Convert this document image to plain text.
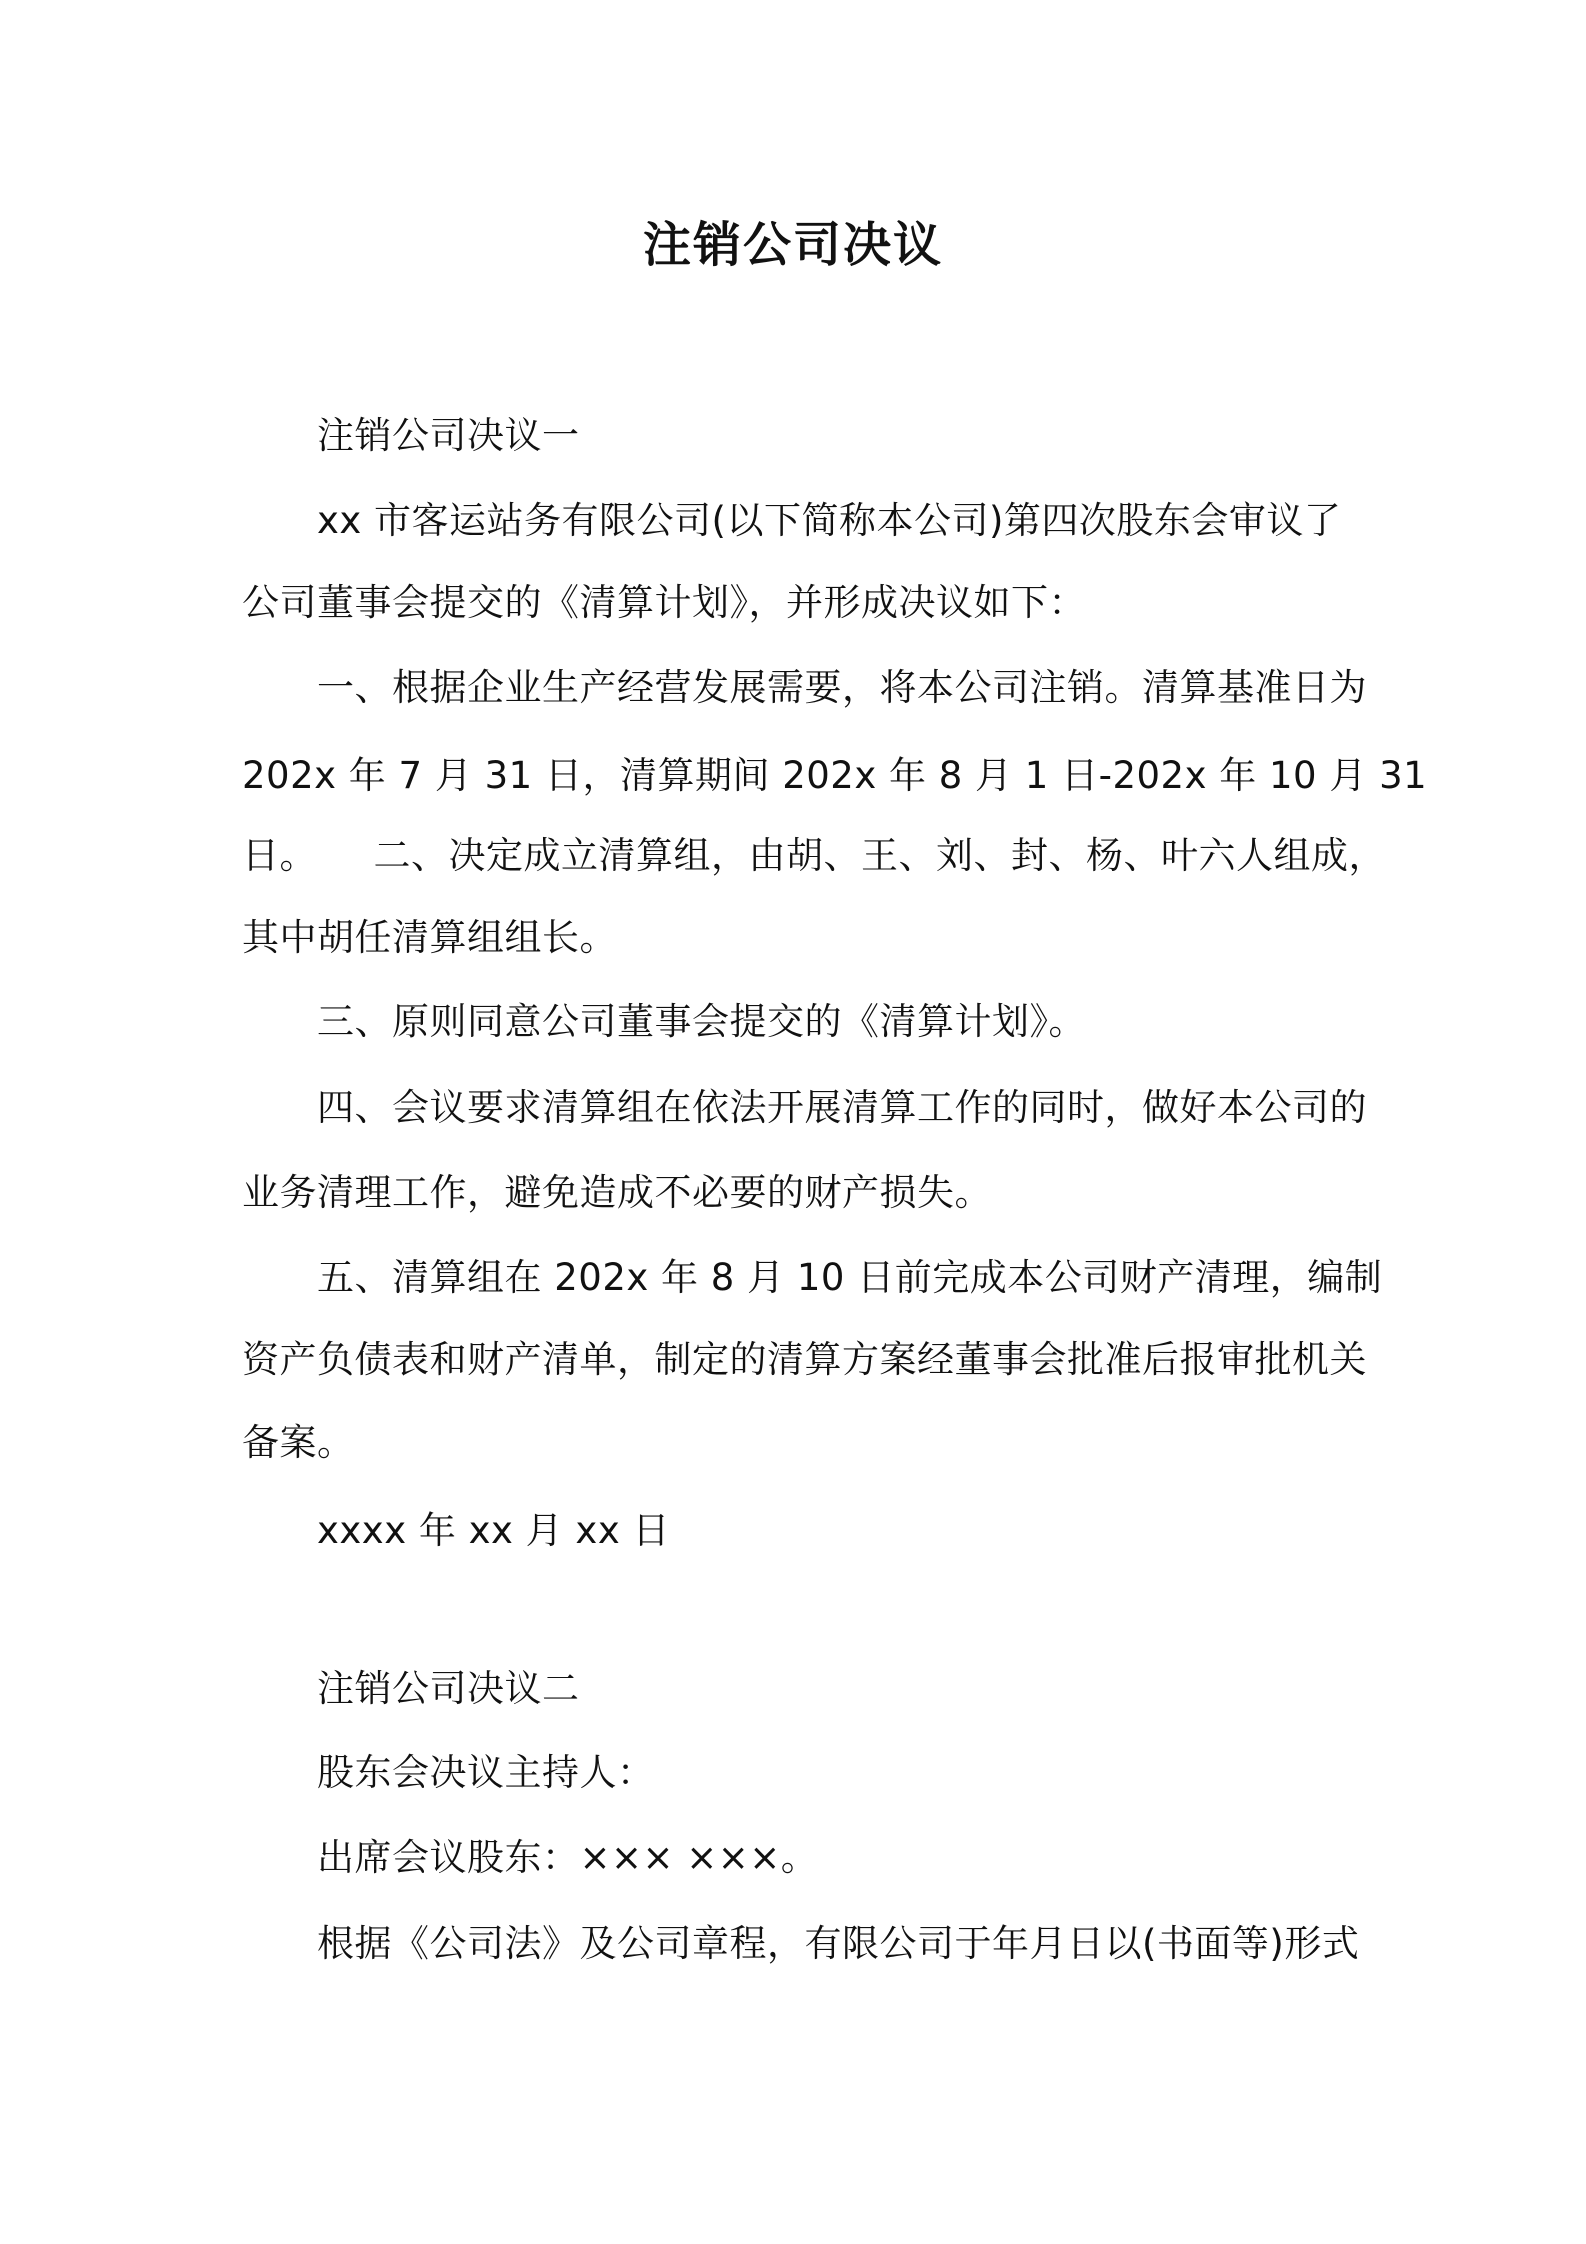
注销公司决议
注销公司决议一
xx 市客运站务有限公司(以下简称本公司)第四次股东会审议了
公司董事会提交的《清算计划》，并形成决议如下：
一、根据企业生产经营发展需要，将本公司注销。清算基准日为
202x 年 7 月 31 日，清算期间 202x 年 8 月 1 日-202x 年 10 月 31
日。　　二、决定成立清算组，由胡、王、刘、封、杨、叶六人组成，
其中胡任清算组组长。
三、原则同意公司董事会提交的《清算计划》。
四、会议要求清算组在依法开展清算工作的同时，做好本公司的
业务清理工作，避免造成不必要的财产损失。
五、清算组在 202x 年 8 月 10 日前完成本公司财产清理，编制
资产负债表和财产清单，制定的清算方案经董事会批准后报审批机关
备案。
xxxx 年 xx 月 xx 日
注销公司决议二
股东会决议主持人：
出席会议股东：××× ×××。
根据《公司法》及公司章程，有限公司于年月日以(书面等)形式
